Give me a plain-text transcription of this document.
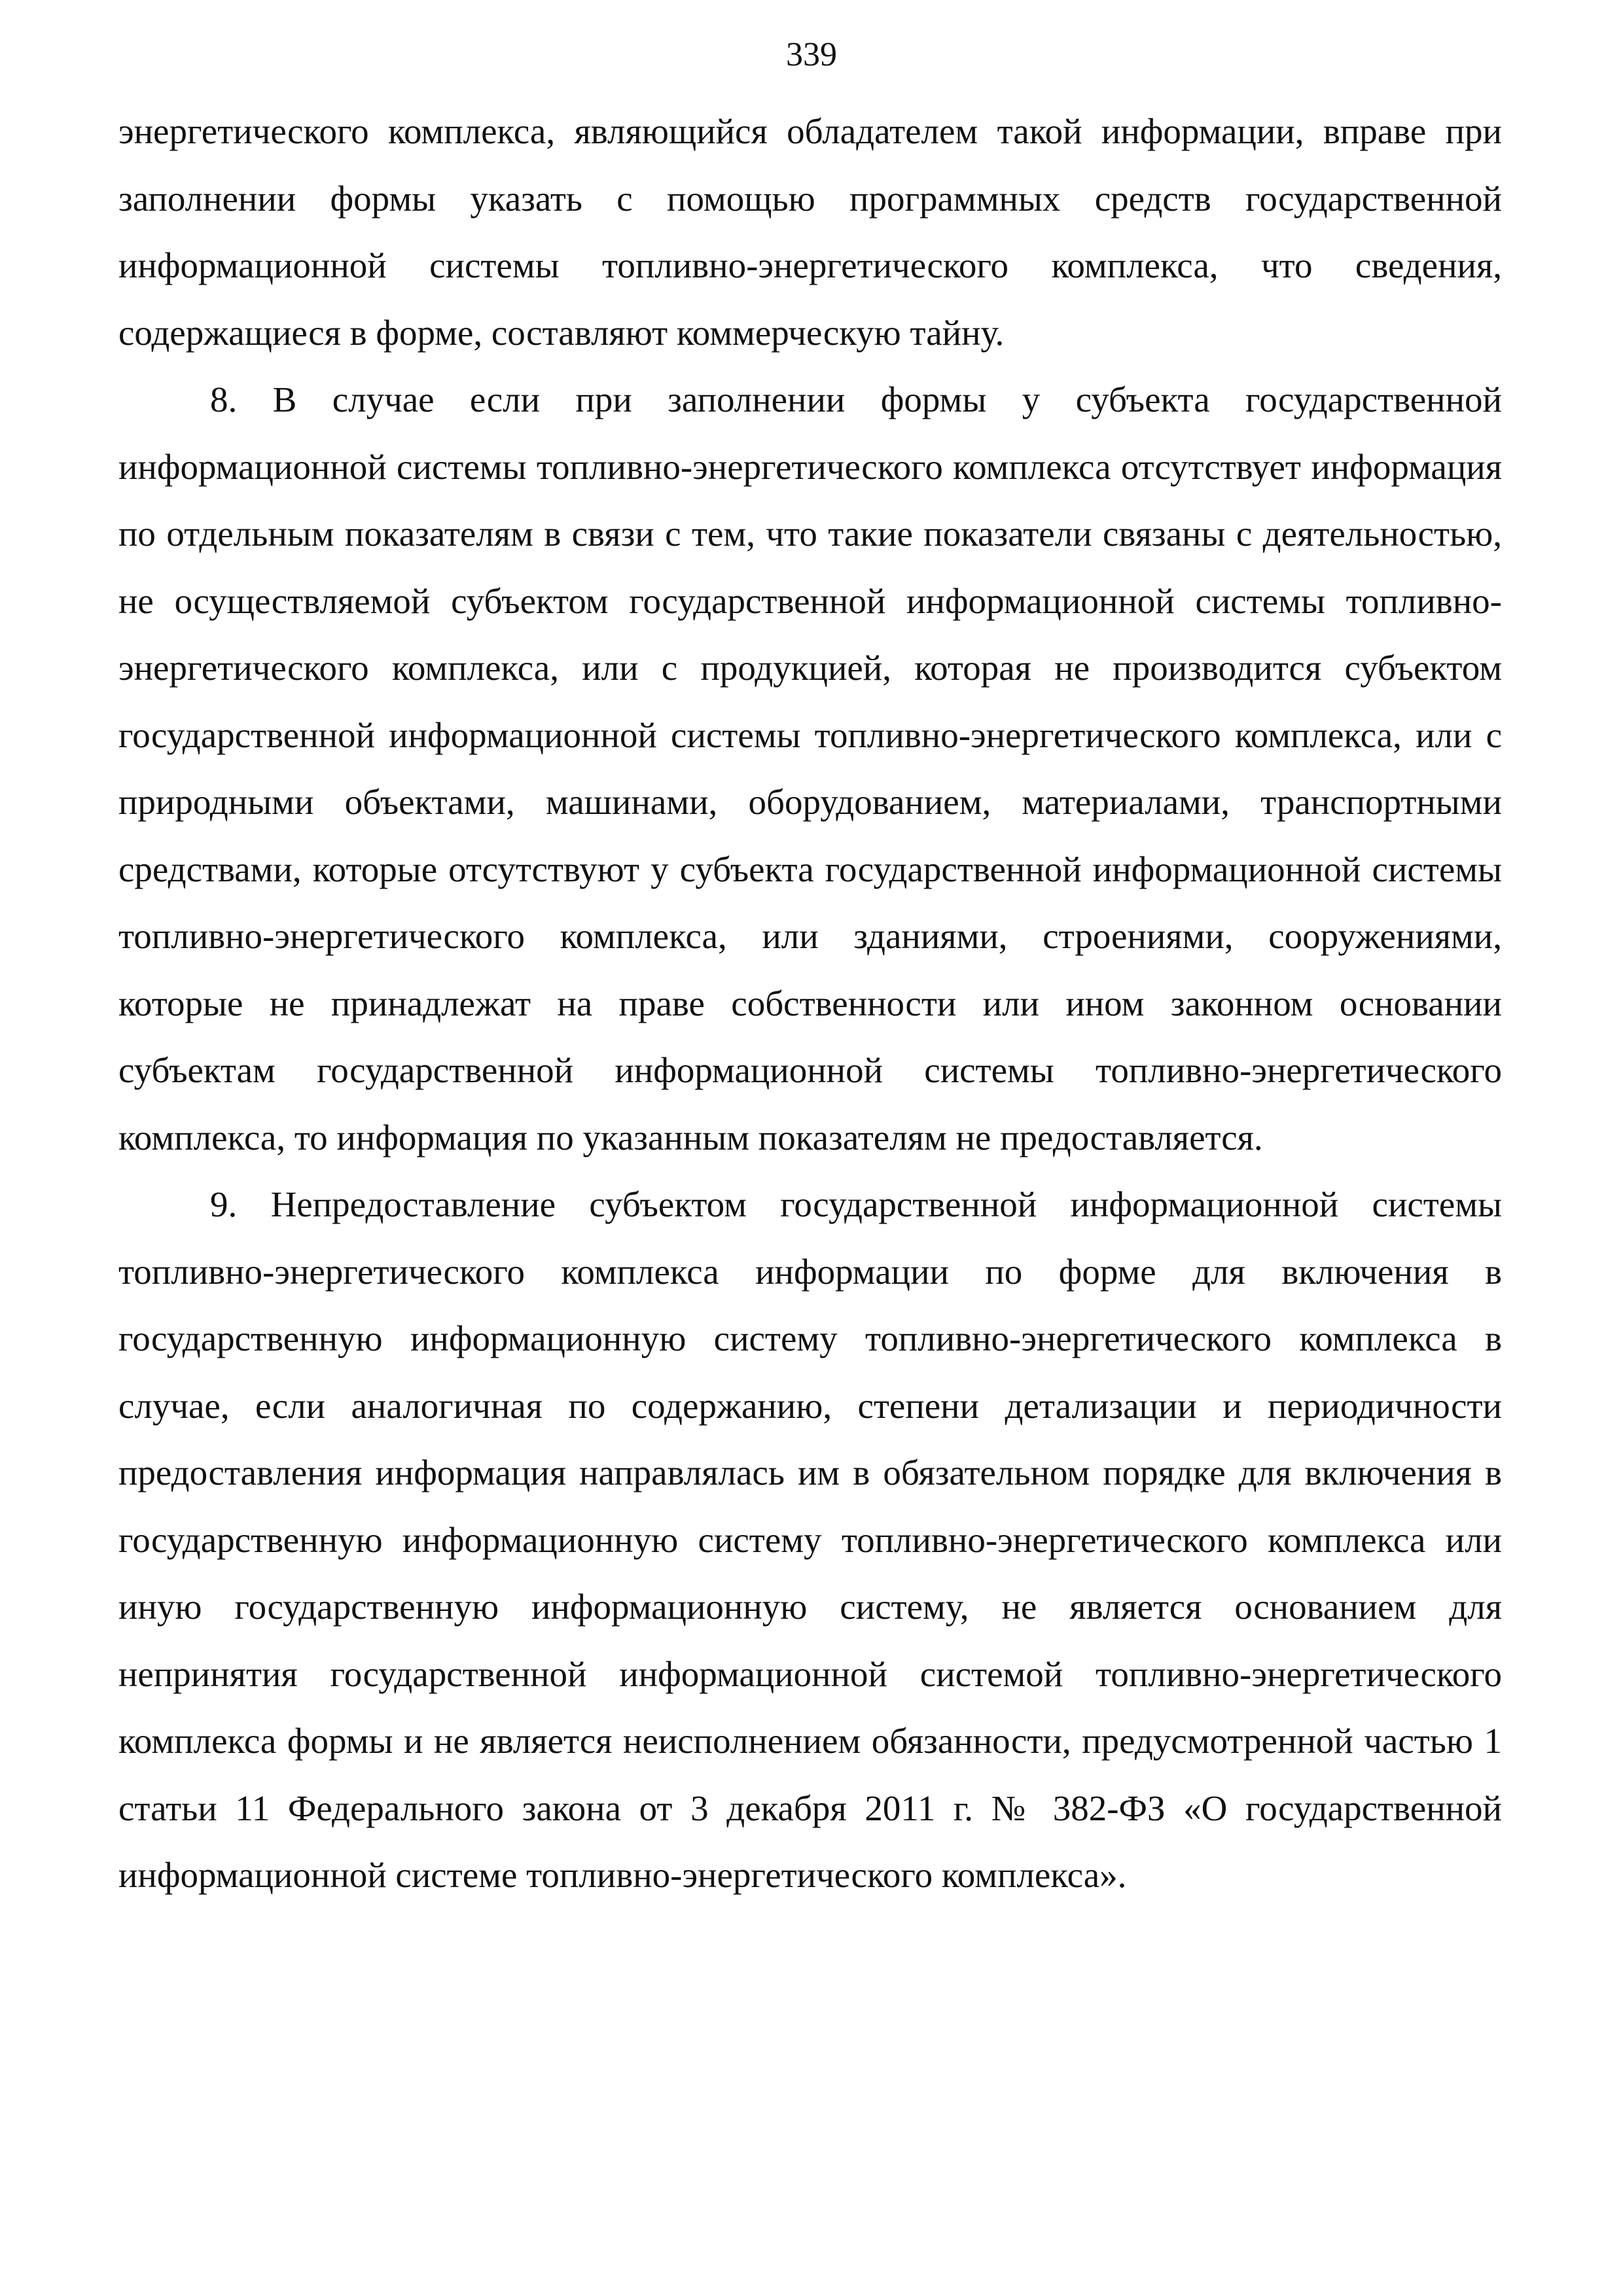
339

энергетического комплекса, являющийся обладателем такой информации, вправе при заполнении формы указать с помощью программных средств государственной информационной системы топливно-энергетического комплекса, что сведения, содержащиеся в форме, составляют коммерческую тайну.

8. В случае если при заполнении формы у субъекта государственной информационной системы топливно-энергетического комплекса отсутствует информация по отдельным показателям в связи с тем, что такие показатели связаны с деятельностью, не осуществляемой субъектом государственной информационной системы топливно-энергетического комплекса, или с продукцией, которая не производится субъектом государственной информационной системы топливно-энергетического комплекса, или с природными объектами, машинами, оборудованием, материалами, транспортными средствами, которые отсутствуют у субъекта государственной информационной системы топливно-энергетического комплекса, или зданиями, строениями, сооружениями, которые не принадлежат на праве собственности или ином законном основании субъектам государственной информационной системы топливно-энергетического комплекса, то информация по указанным показателям не предоставляется.

9. Непредоставление субъектом государственной информационной системы топливно-энергетического комплекса информации по форме для включения в государственную информационную систему топливно-энергетического комплекса в случае, если аналогичная по содержанию, степени детализации и периодичности предоставления информация направлялась им в обязательном порядке для включения в государственную информационную систему топливно-энергетического комплекса или иную государственную информационную систему, не является основанием для непринятия государственной информационной системой топливно-энергетического комплекса формы и не является неисполнением обязанности, предусмотренной частью 1 статьи 11 Федерального закона от 3 декабря 2011 г. № 382-ФЗ «О государственной информационной системе топливно-энергетического комплекса».
